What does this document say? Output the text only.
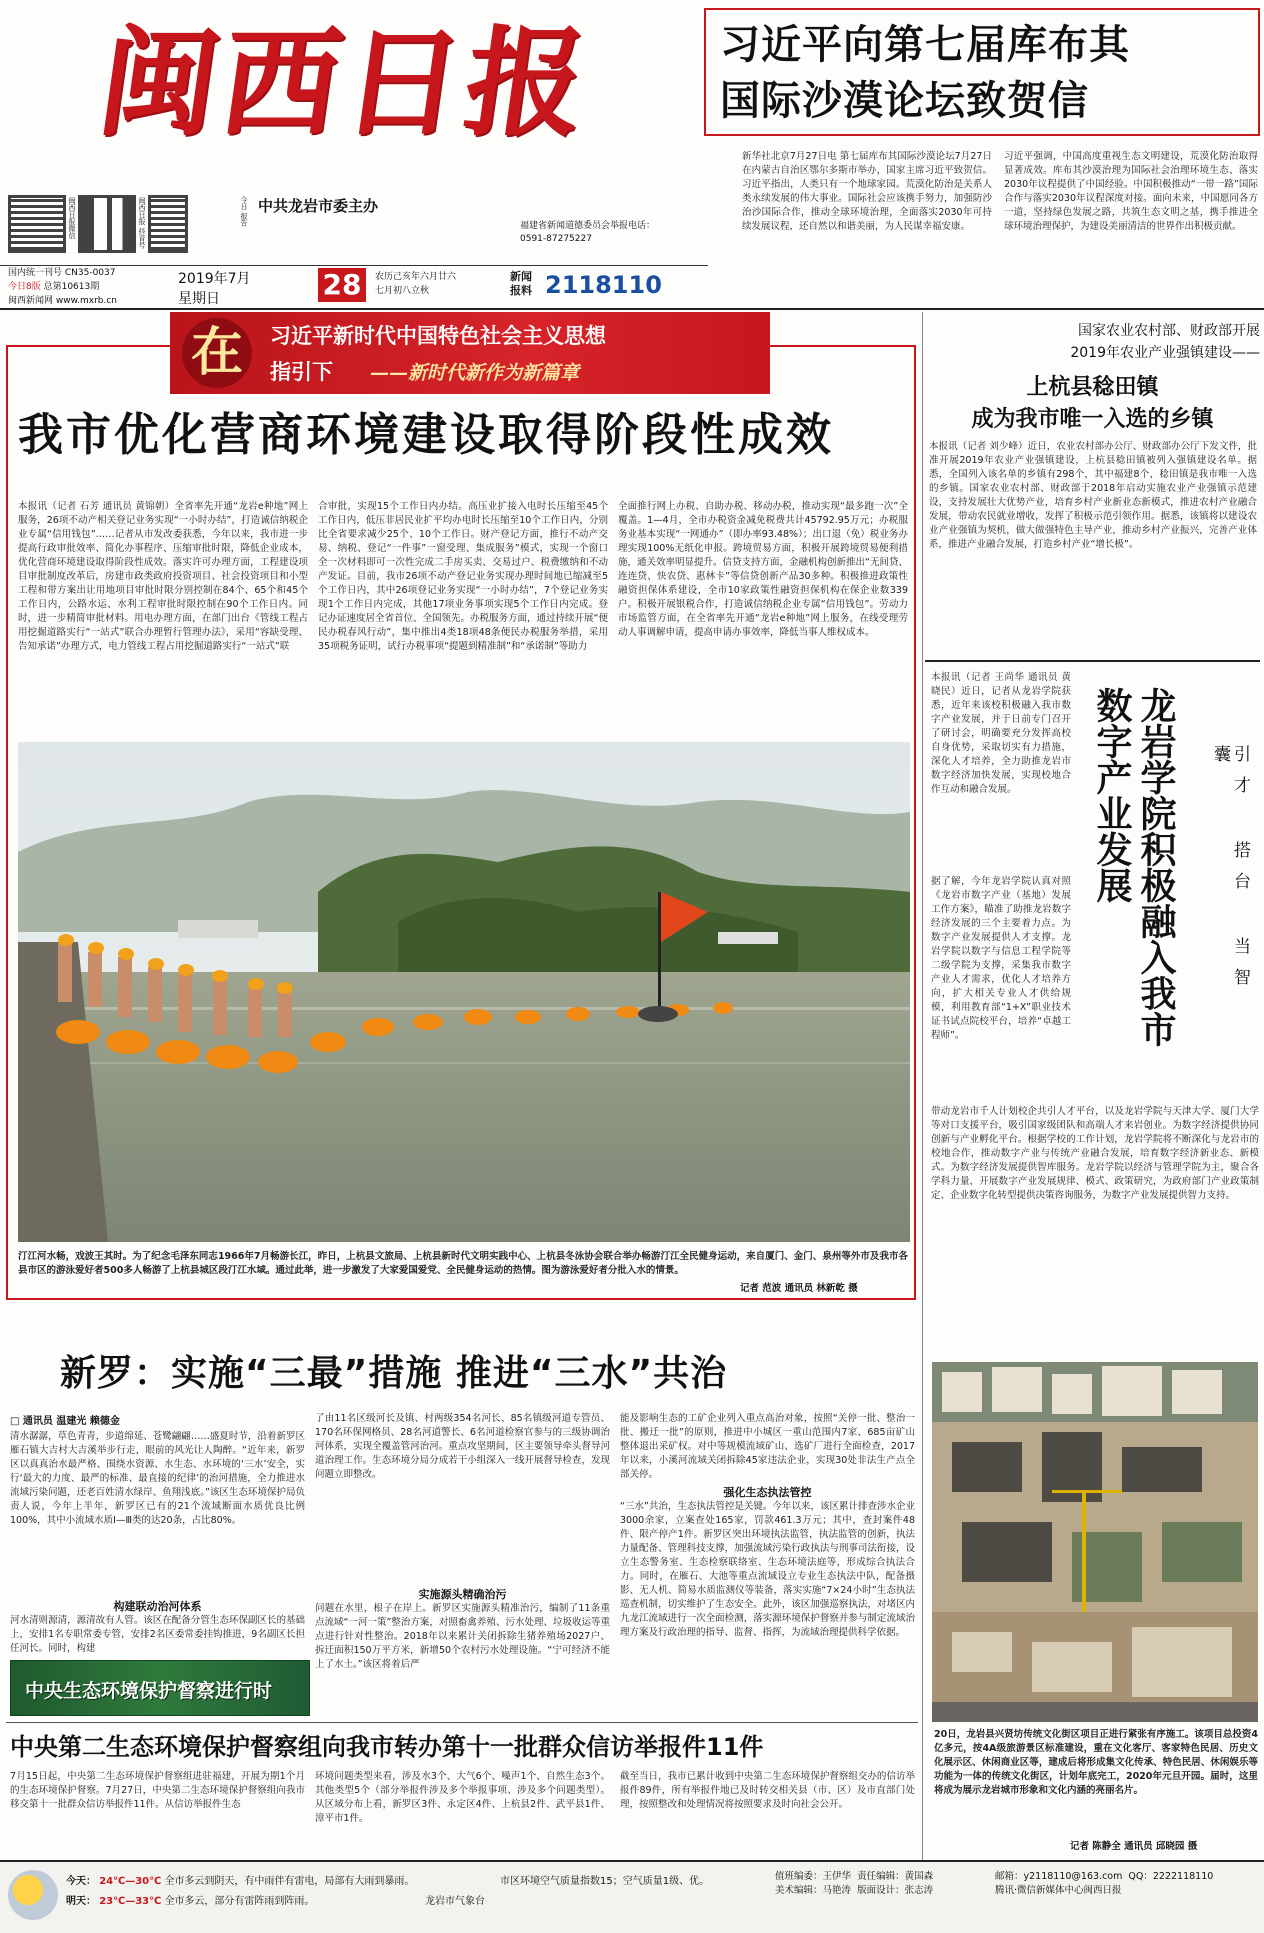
闽西日报
闽西日报微信	闽西日报 抖音号	今日 报告 中共龙岩市委主办
福建省新闻道德委员会举报电话：
0591-87275227
国内统一刊号 CN35-0037
今日8版 总第10613期
闽西新闻网 www.mxrb.cn
2019年7月
星期日	28	农历己亥年六月廿六
七月初八立秋
新闻 报料 2118110
习近平向第七届库布其
国际沙漠论坛致贺信
新华社北京7月27日电 第七届库布其国际沙漠论坛7月27日在内蒙古自治区鄂尔多斯市举办，国家主席习近平致贺信。习近平指出，人类只有一个地球家园。荒漠化防治是关系人类永续发展的伟大事业。国际社会应该携手努力，加强防沙治沙国际合作，推动全球环境治理，全面落实2030年可持续发展议程，还自然以和谐美丽，为人民谋幸福安康。
习近平强调，中国高度重视生态文明建设，荒漠化防治取得显著成效。库布其沙漠治理为国际社会治理环境生态、落实2030年议程提供了中国经验。中国积极推动“一带一路”国际合作与落实2030年议程深度对接。面向未来，中国愿同各方一道，坚持绿色发展之路，共筑生态文明之基，携手推进全球环境治理保护，为建设美丽清洁的世界作出积极贡献。
在	习近平新时代中国特色社会主义思想
指引下 ——新时代新作为新篇章
我市优化营商环境建设取得阶段性成效
本报讯（记者 石芳 通讯员 黄锦朝）全省率先开通“龙岩e种地”网上服务，26项不动产相关登记业务实现“一小时办结”，打造诚信纳税企业专属“信用钱包”……记者从市发改委获悉，今年以来，我市进一步提高行政审批效率、简化办事程序、压缩审批时限，降低企业成本，优化营商环境建设取得阶段性成效。落实许可办理方面，工程建设项目审批制度改革后，房建市政类政府投资项目、社会投资项目和小型工程和带方案出让用地项目审批时限分别控制在84个、65个和45个工作日内，公路水运、水利工程审批时限控制在90个工作日内。同时，进一步精简审批材料。用电办理方面，在部门出台《管线工程占用挖掘道路实行“一站式”联合办理暂行管理办法》，采用“容缺受理、告知承诺”办理方式，电力管线工程占用挖掘道路实行“一站式”联
合审批，实现15个工作日内办结。高压业扩接入电时长压缩至45个工作日内，低压非居民业扩平均办电时长压缩至10个工作日内，分别比全省要求减少25个、10个工作日。财产登记方面，推行不动产交易、纳税、登记“一件事”一窗受理、集成服务”模式，实现一个窗口全一次材料即可一次性完成二手房买卖、交易过户、税费缴纳和不动产发证。目前，我市26项不动产登记业务实现办理时间地已缩减至5个工作日内，其中26项登记业务实现“一小时办结”，7个登记业务实现1个工作日内完成，其他17项业务事项实现5个工作日内完成。登记办证速度居全省首位、全国领先。办税服务方面，通过持续开展“便民办税春风行动”，集中推出4类18项48条便民办税服务举措，采用35项税务证明，试行办税事项“提题到精准制”和“承诺制”等助力
全面推行网上办税、自助办税、移动办税，推动实现“最多跑一次”全覆盖。1—4月，全市办税资金减免税费共计45792.95万元；办税服务业基本实现“一网通办”（即办率93.48%）；出口退（免）税业务办理实现100%无纸化申报。跨境贸易方面，积极开展跨境贸易便利措施，通关效率明显提升。信贷支持方面，金融机构创新推出“无间贷、连连贷、快农贷、惠林卡”等信贷创新产品30多种。积极推进政策性融资担保体系建设，全市10家政策性融资担保机构在保企业数339户。积极开展银税合作，打造诚信纳税企业专属“信用钱包”。劳动力市场监管方面，在全省率先开通“龙岩e种地”网上服务，在线受理劳动人事调解申请，提高申请办事效率，降低当事人维权成本。
汀江河水畅，戏波王其时。为了纪念毛泽东同志1966年7月畅游长江，昨日，上杭县文旅局、上杭县新时代文明实践中心、上杭县冬泳协会联合举办畅游汀江全民健身运动，来自厦门、金门、泉州等外市及我市各县市区的游泳爱好者500多人畅游了上杭县城区段汀江水域。通过此举，进一步激发了大家爱国爱党、全民健身运动的热情。图为游泳爱好者分批入水的情景。
记者 范波 通讯员 林新乾 摄
国家农业农村部、财政部开展
2019年农业产业强镇建设——
上杭县稔田镇
成为我市唯一入选的乡镇
本报讯（记者 刘少峰）近日，农业农村部办公厅、财政部办公厅下发文件，批准开展2019年农业产业强镇建设，上杭县稔田镇被列入强镇建设名单。据悉，全国列入该名单的乡镇有298个，其中福建8个，稔田镇是我市唯一入选的乡镇。国家农业农村部、财政部于2018年启动实施农业产业强镇示范建设，支持发展壮大优势产业，培育乡村产业新业态新模式，推进农村产业融合发展，带动农民就业增收，发挥了积极示范引领作用。据悉，该镇将以建设农业产业强镇为契机，做大做强特色主导产业，推动乡村产业振兴，完善产业体系，推进产业融合发展，打造乡村产业“增长极”。
本报讯（记者 王尚华 通讯员 黄晓民）近日，记者从龙岩学院获悉，近年来该校积极融入我市数字产业发展，并于日前专门召开了研讨会，明确要充分发挥高校自身优势，采取切实有力措施，深化人才培养，全力助推龙岩市数字经济加快发展，实现校地合作互动和融合发展。	龙岩学院积极融入我市数字产业发展	引才 搭台 当智囊
据了解，今年龙岩学院认真对照《龙岩市数字产业（基地）发展工作方案》，瞄准了助推龙岩数字经济发展的三个主要着力点。为数字产业发展提供人才支撑。龙岩学院以数字与信息工程学院等二级学院为支撑，采集我市数字产业人才需求，优化人才培养方向，扩大相关专业人才供给规模，利用教育部“1+X”职业技术证书试点院校平台，培养“卓越工程师”。
带动龙岩市千人计划校企共引人才平台，以及龙岩学院与天津大学、厦门大学等对口支援平台，吸引国家级团队和高端人才来岩创业。为数字经济提供协同创新与产业孵化平台。根据学校的工作计划，龙岩学院将不断深化与龙岩市的校地合作，推动数字产业与传统产业融合发展，培育数字经济新业态、新模式。为数字经济发展提供智库服务。龙岩学院以经济与管理学院为主，聚合各学科力量，开展数字产业发展规律、模式、政策研究，为政府部门产业政策制定、企业数字化转型提供决策咨询服务，为数字产业发展提供智力支持。
20日，龙岩县兴贤坊传统文化街区项目正进行紧张有序施工。该项目总投资4亿多元，按4A级旅游景区标准建设，重在文化客厅、客家特色民居、历史文化展示区、休闲商业区等，建成后将形成集文化传承、特色民居、休闲娱乐等功能为一体的传统文化街区，计划年底完工，2020年元旦开园。届时，这里将成为展示龙岩城市形象和文化内涵的亮丽名片。
记者 陈静全 通讯员 邱晓园 摄
新罗：实施“三最”措施 推进“三水”共治
□ 通讯员 温建光 赖德金
清水潺潺，草色青青，步道绵延、苍鹭翩翩……盛夏时节，沿着新罗区雁石镇大吉村大吉溪举步行走，眼前的风光让人陶醉。“近年来，新罗区以真真治水最严格、围绕水资源、水生态、水环境的‘三水’安全，实行‘最大的力度、最严的标准、最直接的纪律’的治河措施，全力推进水流域污染问题，还老百姓清水绿岸、鱼翔浅底。”该区生态环境保护局负责人说，今年上半年，新罗区已有的21个流域断面水质优良比例100%，其中小流域水质Ⅰ—Ⅲ类的达20条，占比80%。
构建联动治河体系
河水清则源清，源清故有人管。该区在配备分管生态环保副区长的基础上，安排1名专职常委专管，安排2名区委常委挂钩推进，9名副区长担任河长。同时，构建
中央生态环境保护督察进行时
了由11名区级河长及镇、村两级354名河长、85名镇级河道专管员、170名环保网格员、28名河道警长、6名河道检察官参与的三级协调治河体系，实现全覆盖管河治河。重点攻坚期间，区主要领导牵头督导河道治理工作。生态环境分局分成若干小组深入一线开展督导检查，发现问题立即整改。
实施源头精确治污
问题在水里，根子在岸上。新罗区实施源头精准治污，编制了11条重点流域“一河一策”整治方案，对照畜禽养殖、污水处理、垃圾收运等重点进行针对性整治。2018年以来累计关闭拆除生猪养殖场2027户、拆迁面积150万平方米，新增50个农村污水处理设施。“宁可经济不能上了水土。”该区将着后严
能及影响生态的工矿企业列入重点高治对象，按照“关停一批、整治一批、搬迁一批”的原则，推进中小城区一重山范围内7家、685亩矿山整体退出采矿权。对中等规模流域矿山、选矿厂进行全面检查，2017年以来，小溪河流域关闭拆除45家违法企业，实现30处非法生产点全部关停。
强化生态执法管控
“三水”共治，生态执法管控是关键。今年以来，该区累计排查涉水企业3000余家，立案查处165家，罚款461.3万元；其中，查封案件48件、限产停产1件。新罗区突出环境执法监管，执法监管的创新，执法力量配备、管理科技支撑，加强流域污染行政执法与刑事司法衔接，设立生态警务室、生态检察联络室、生态环境法庭等，形成综合执法合力。同时，在雁石、大池等重点流域设立专业生态执法中队，配备摄影、无人机、简易水质监测仪等装备，落实实施“7×24小时”生态执法巡查机制，切实维护了生态安全。此外，该区加强巡察执法，对堵区内九龙江流域进行一次全面检测，落实源环境保护督察并参与制定流域治理方案及行政治理的指导、监督、指挥，为流域治理提供科学依据。
中央第二生态环境保护督察组向我市转办第十一批群众信访举报件11件
7月15日起，中央第二生态环境保护督察组进驻福建，开展为期1个月的生态环境保护督察。7月27日，中央第二生态环境保护督察组向我市移交第十一批群众信访举报件11件。从信访举报件生态
环境问题类型来看，涉及水3个、大气6个、噪声1个、自然生态3个。其他类型5个（部分举报件涉及多个举报事项、涉及多个问题类型）。从区域分布上看，新罗区3件、永定区4件、上杭县2件、武平县1件、漳平市1件。
截至当日，我市已累计收到中央第二生态环境保护督察组交办的信访举报件89件，所有举报件地已及时转交相关县（市、区）及市直部门处理，按照整改和处理情况将按照要求及时向社会公开。
今天： 24℃—30℃ 全市多云到阴天，有中雨伴有雷电，局部有大雨到暴雨。
明天： 23℃—33℃ 全市多云，部分有雷阵雨到阵雨。	龙岩市气象台
市区环境空气质量指数15；空气质量1级、优。	值班编委：王伊华 责任编辑：黄国森
美术编辑：马艳涛 版面设计：张志涛
邮箱：y2118110@163.com QQ：2222118110
腾讯·微信新媒体中心闽西日报
